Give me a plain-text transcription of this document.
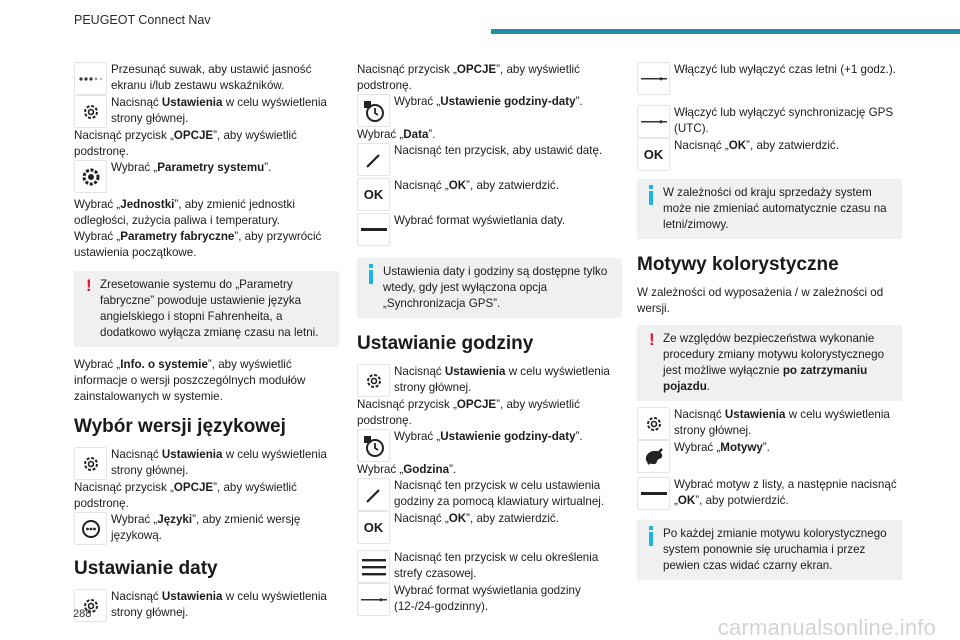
PEUGEOT Connect Nav
Przesunąć suwak, aby ustawić jasność ekranu i/lub zestawu wskaźników.
Nacisnąć Ustawienia w celu wyświetlenia strony głównej.

Nacisnąć przycisk „OPCJE”, aby wyświetlić podstronę.

Wybrać „Parametry systemu”.

Wybrać „Jednostki”, aby zmienić jednostki odległości, zużycia paliwa i temperatury.

Wybrać „Parametry fabryczne”, aby przywrócić ustawienia początkowe.

! Zresetowanie systemu do „Parametry fabryczne” powoduje ustawienie języka angielskiego i stopni Fahrenheita, a dodatkowo wyłącza zmianę czasu na letni.

Wybrać „Info. o systemie”, aby wyświetlić informacje o wersji poszczególnych modułów zainstalowanych w systemie.

Wybór wersji językowej
Nacisnąć Ustawienia w celu wyświetlenia strony głównej.

Nacisnąć przycisk „OPCJE”, aby wyświetlić podstronę.

Wybrać „Języki”, aby zmienić wersję językową.
Ustawianie daty
Nacisnąć Ustawienia w celu wyświetlenia strony głównej.

Nacisnąć przycisk „OPCJE”, aby wyświetlić podstronę.

Wybrać „Ustawienie godziny-daty”.

Wybrać „Data”.

Nacisnąć ten przycisk, aby ustawić datę.
OK
Nacisnąć „OK”, aby zatwierdzić.
Wybrać format wyświetlania daty.
Ustawienia daty i godziny są dostępne tylko wtedy, gdy jest wyłączona opcja „Synchronizacja GPS”.
Ustawianie godziny
Nacisnąć Ustawienia w celu wyświetlenia strony głównej.

Nacisnąć przycisk „OPCJE”, aby wyświetlić podstronę.

Wybrać „Ustawienie godziny-daty”.

Wybrać „Godzina”.

Nacisnąć ten przycisk w celu ustawienia godziny za pomocą klawiatury wirtualnej.
OK
Nacisnąć „OK”, aby zatwierdzić.
Nacisnąć ten przycisk w celu określenia strefy czasowej.
Wybrać format wyświetlania godziny (12-/24-godzinny).
Włączyć lub wyłączyć czas letni (+1 godz.).
Włączyć lub wyłączyć synchronizację GPS (UTC).
OK
Nacisnąć „OK”, aby zatwierdzić.
W zależności od kraju sprzedaży system może nie zmieniać automatycznie czasu na letni/zimowy.
Motywy kolorystyczne

W zależności od wyposażenia / w zależności od wersji.

! Ze względów bezpieczeństwa wykonanie procedury zmiany motywu kolorystycznego jest możliwe wyłącznie po zatrzymaniu pojazdu.
Nacisnąć Ustawienia w celu wyświetlenia strony głównej.
Wybrać „Motywy”.
Wybrać motyw z listy, a następnie nacisnąć „OK”, aby potwierdzić.
Po każdej zmianie motywu kolorystycznego system ponownie się uruchamia i przez pewien czas widać czarny ekran.
288
carmanualsonline.info
